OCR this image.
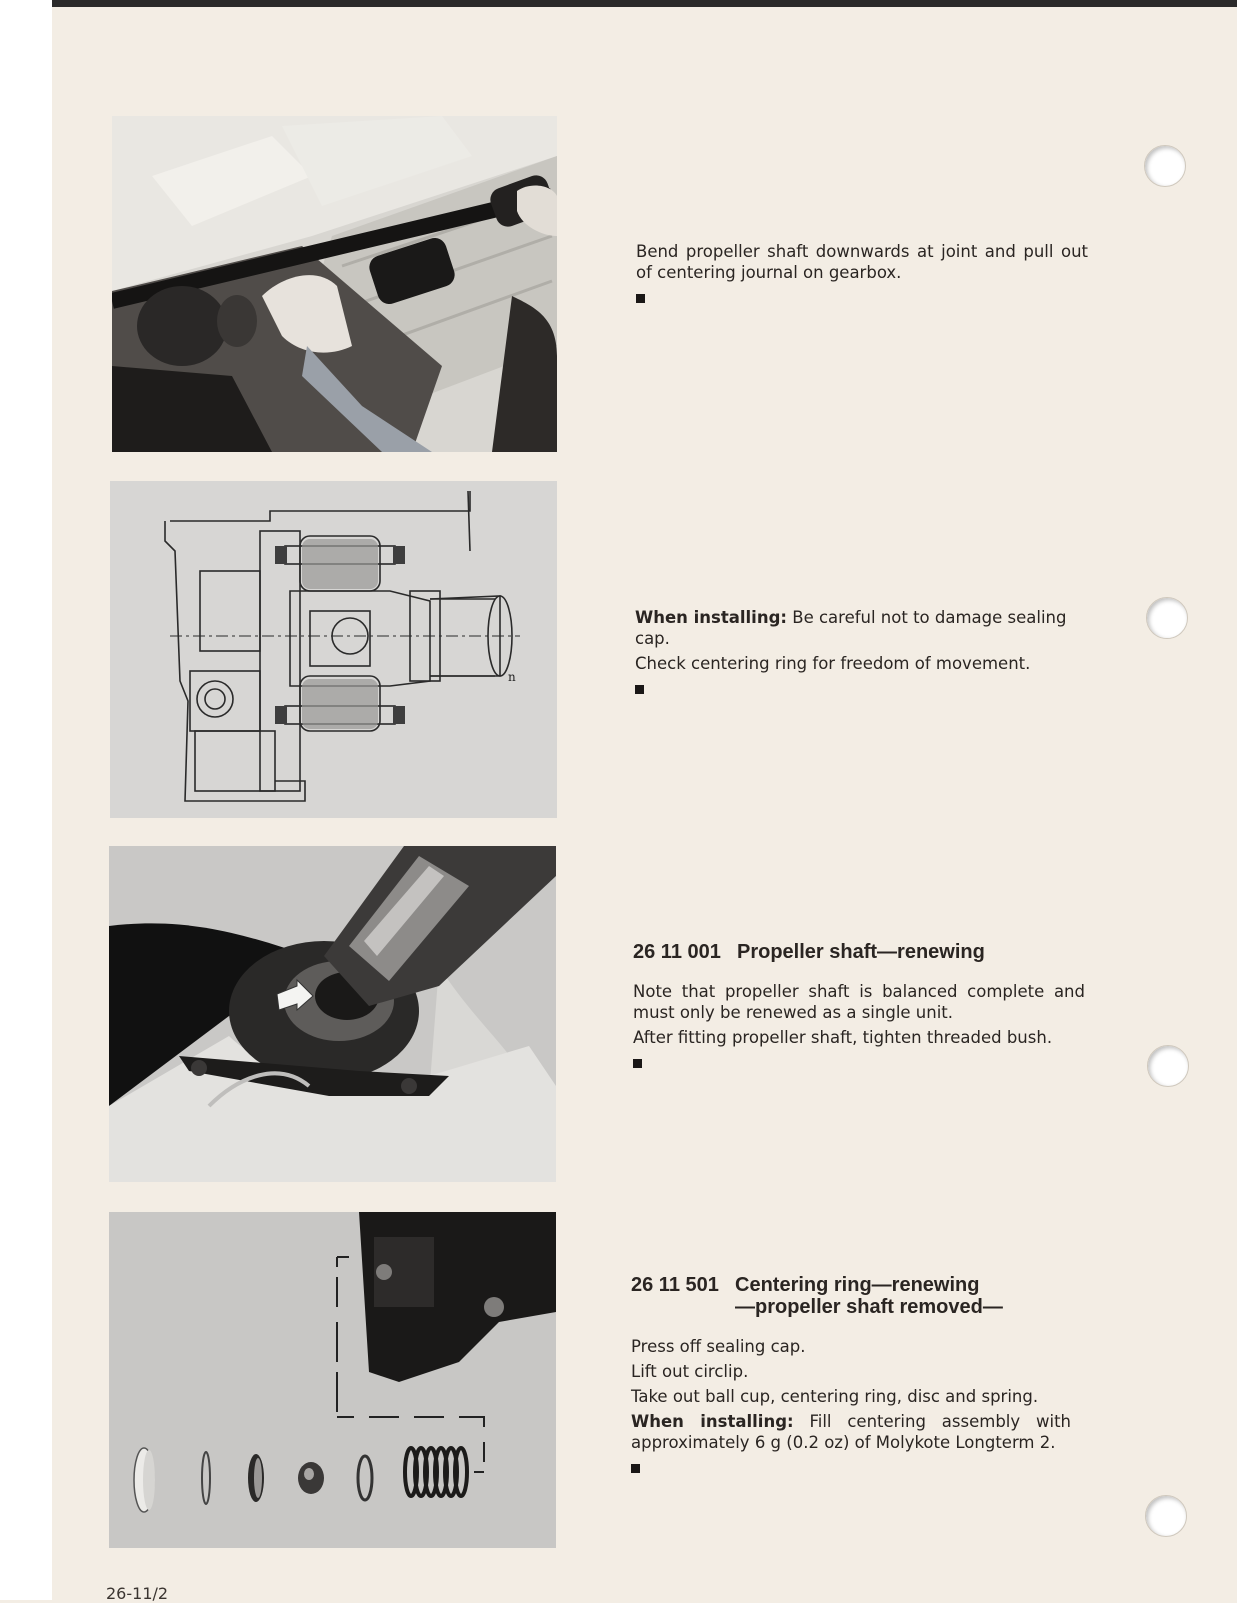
n

Bend propeller shaft downwards at joint and pull out of centering journal on gearbox.

When installing: Be careful not to damage sealing cap.

Check centering ring for freedom of movement.

26 11 001 Propeller shaft—renewing

Note that propeller shaft is balanced complete and must only be renewed as a single unit.

After fitting propeller shaft, tighten threaded bush.

26 11 501 Centering ring—renewing
—propeller shaft removed—

Press off sealing cap.

Lift out circlip.

Take out ball cup, centering ring, disc and spring.

When installing: Fill centering assembly with approximately 6 g (0.2 oz) of Molykote Longterm 2.

26-11/2
